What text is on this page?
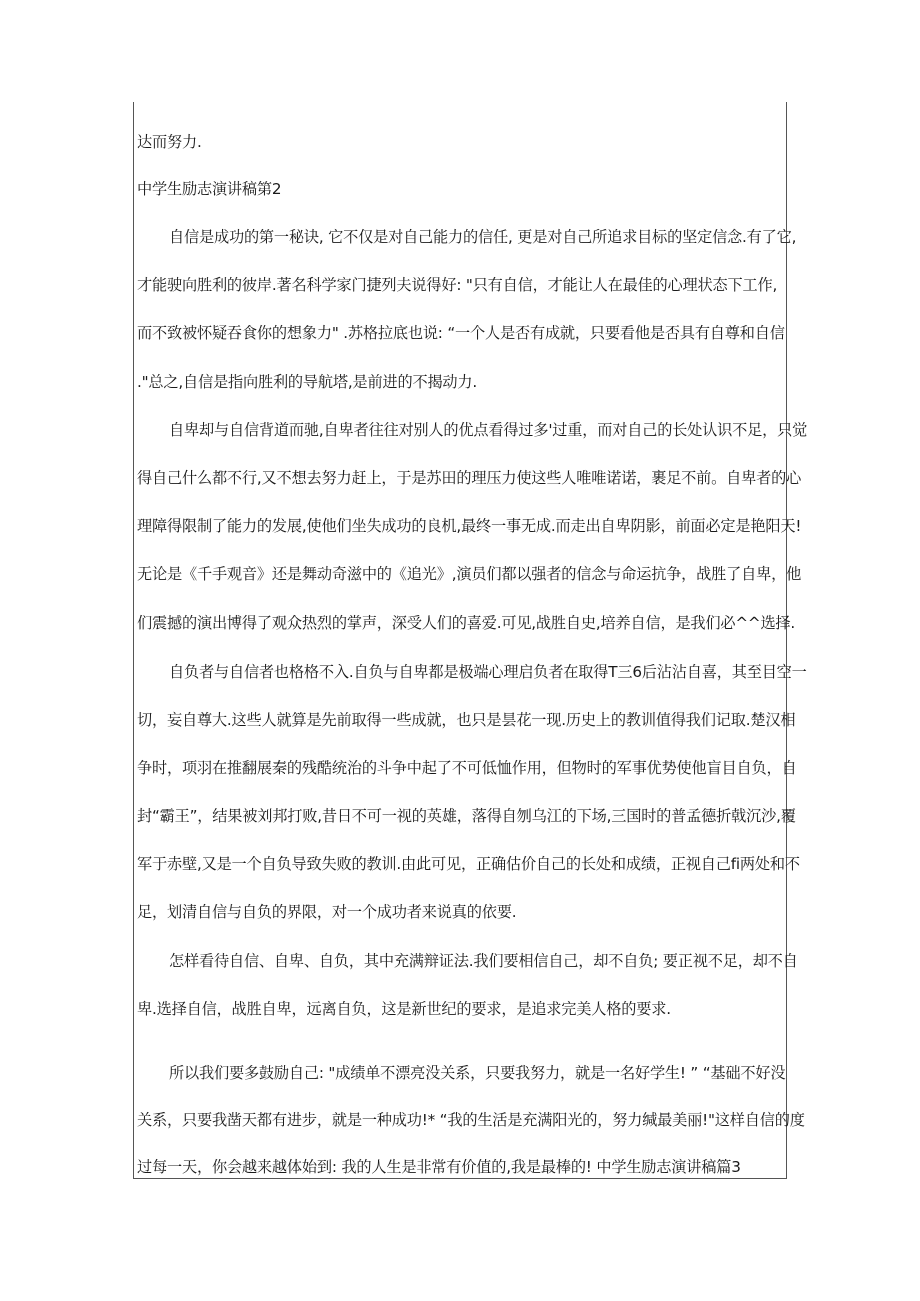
达而努力.
中学生励志演讲稿第2
自信是成功的第一秘诀, 它不仅是对自己能力的信任, 更是对自己所追求目标的坚定信念.有了它,
才能驶向胜利的彼岸.著名科学家门捷列夫说得好: "只有自信，才能让人在最佳的心理状态下工作,
而不致被怀疑吞食你的想象力" .苏格拉底也说: “一个人是否有成就，只要看他是否具有自尊和自信
."总之,自信是指向胜利的导航塔,是前进的不揭动力.
自卑却与自信背道而驰,自卑者往往对别人的优点看得过多'过重，而对自己的长处认识不足，只觉
得自己什么都不行,又不想去努力赶上，于是苏田的理压力使这些人唯唯诺诺，裹足不前。自卑者的心
理障得限制了能力的发展,使他们坐失成功的良机,最终一事无成.而走出自卑阴影，前面必定是艳阳天!
无论是《千手观音》还是舞动奇滋中的《追光》,演员们都以强者的信念与命运抗争，战胜了自卑，他
们震撼的演出博得了观众热烈的掌声，深受人们的喜爱.可见,战胜自史,培养自信，是我们必^^选择.
自负者与自信者也格格不入.自负与自卑都是极端心理启负者在取得T三6后沾沾自喜，其至目空一
切，妄自尊大.这些人就算是先前取得一些成就，也只是昙花一现.历史上的教训值得我们记取.楚汉相
争时，项羽在推翻展秦的残酷统治的斗争中起了不可低恤作用，但物时的军事优势使他盲目自负，自
封“霸王”，结果被刘邦打败,昔日不可一视的英雄，落得自刎乌江的下场,三国时的普孟德折戟沉沙,覆
军于赤壁,又是一个自负导致失败的教训.由此可见，正确估价自己的长处和成绩，正视自己fi两处和不
足，划清自信与自负的界限，对一个成功者来说真的依要.
怎样看待自信、自卑、自负，其中充满辩证法.我们要相信自己，却不自负; 要正视不足，却不自
卑.选择自信，战胜自卑，远离自负，这是新世纪的要求，是追求完美人格的要求.
所以我们要多鼓励自己: "成绩单不漂亮没关系，只要我努力，就是一名好学生! ” “基础不好没
关系，只要我凿天都有进步，就是一种成功!* “我的生活是充满阳光的，努力缄最美丽!"这样自信的度
过每一天，你会越来越体始到: 我的人生是非常有价值的,我是最棒的! 中学生励志演讲稿篇3
